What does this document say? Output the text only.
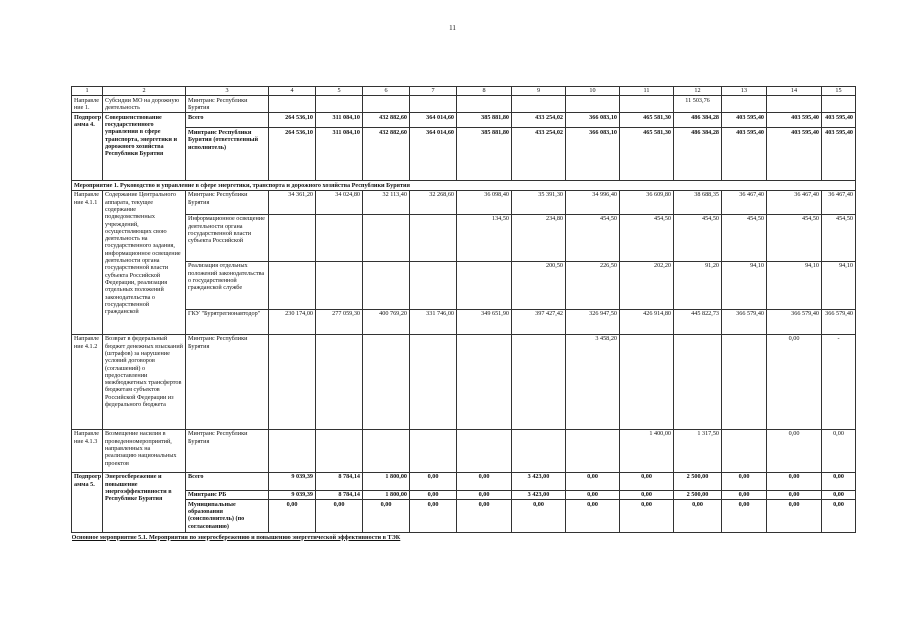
11
1	2	3	4	5	6	7	8	9	10	11	12	13	14	15
Направле ние 1.	Субсидии МО на дорожную деятельность	Минтранс Республики Бурятия									11 503,76			
Подпрогр амма 4.	Совершенствование государственного управления в сфере транспорта, энергетики и дорожного хозяйства Республики Бурятия	Всего	264 536,10	311 084,10	432 882,60	364 014,60	385 881,80	433 254,02	366 083,10	465 581,30	486 384,28	403 595,40	403 595,40	403 595,40
		Минтранс Республики Бурятия (ответственный исполнитель)	264 536,10	311 084,10	432 882,60	364 014,60	385 881,80	433 254,02	366 083,10	465 581,30	486 384,28	403 595,40	403 595,40	403 595,40
Мероприятие 1. Руководство и управление в сфере энергетики, транспорта и дорожного хозяйства Республики Бурятия														
Направле ние 4.1.1	Содержание Центрального аппарата, текущее содержание подведомственных учреждений, осуществляющих свою деятельность на государственного задания, информационное освещение деятельности органа государственной власти субъекта Российской Федерации, реализация отдельных положений законодательства о государственной гражданской	Минтранс Республики Бурятия	34 361,20	34 024,80	32 113,40	32 268,60	36 098,40	35 391,30	34 996,40	36 609,80	38 688,35	36 467,40	36 467,40	36 467,40
		Информационное освещение деятельности органа государственной власти субъекта Российской					134,50	234,80	454,50	454,50	454,50	454,50	454,50	454,50
		Реализация отдельных положений законодательства о государственной гражданской службе						200,50	226,50	202,20	91,20	94,10	94,10	94,10
		ГКУ "Бурятрегионавтодор"	230 174,00	277 059,30	400 769,20	331 746,00	349 651,90	397 427,42	326 947,50	426 914,80	445 822,73	366 579,40	366 579,40	366 579,40
Направле ние 4.1.2	Возврат в федеральный бюджет денежных взысканий (штрафов) за нарушение условий договоров (соглашений) о предоставлении межбюджетных трансфертов бюджетам субъектов Российской Федерации из федерального бюджета	Минтранс Республики Бурятия							3 458,20				0,00	-
Направле ние 4.1.3	Возмещение насилия в проведенномероприятий, направленных на реализацию национальных проектов	Минтранс Республики Бурятия								1 400,00	1 317,50		0,00	0,00
Подпрогр амма 5.	Энергосбережение и повышение энергоэффективности в Республике Бурятия	Всего	9 039,39	8 784,14	1 800,00	0,00	0,00	3 423,00	0,00	0,00	2 500,00	0,00	0,00	0,00
		Минтранс РБ	9 039,39	8 784,14	1 800,00	0,00	0,00	3 423,00	0,00	0,00	2 500,00	0,00	0,00	0,00
		Муниципальные образования (соисполнитель) (по согласованию)	0,00	0,00	0,00	0,00	0,00	0,00	0,00	0,00	0,00	0,00	0,00	0,00
Основное мероприятие 5.1. Мероприятия по энергосбережению и повышению энергетической эффективности в ТЭК														
